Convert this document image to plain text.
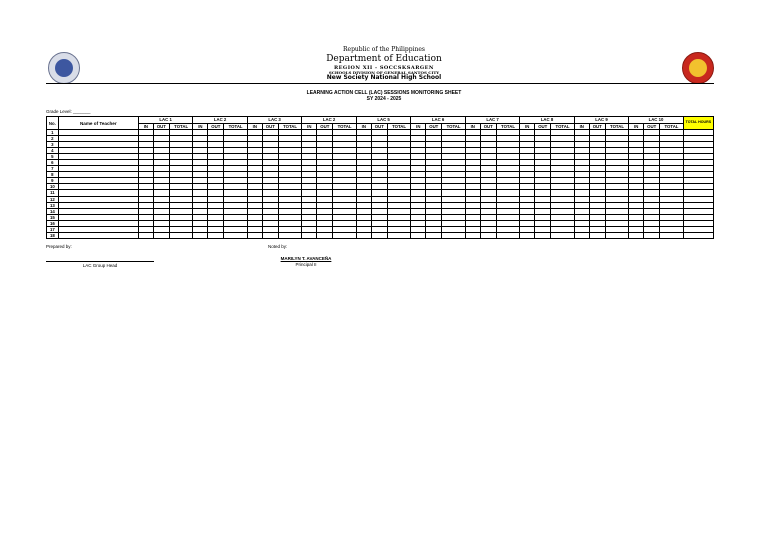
Republic of the Philippines
Department of Education
REGION XII - SOCCSKSARGEN
SCHOOLS DIVISION OF GENERAL SANTOS CITY
New Society National High School
LEARNING ACTION CELL (LAC) SESSIONS MONITORING SHEET
SY 2024 - 2025
Grade Level: _______
No.	Name of Teacher	LAC 1			LAC 2			LAC 3			LAC 2			LAC 5			LAC 6			LAC 7			LAC 8			LAC 9			LAC 10			TOTAL HOURS
		IN	OUT	TOTAL	IN	OUT	TOTAL	IN	OUT	TOTAL	IN	OUT	TOTAL	IN	OUT	TOTAL	IN	OUT	TOTAL	IN	OUT	TOTAL	IN	OUT	TOTAL	IN	OUT	TOTAL	IN	OUT	TOTAL	
1																																
2																																
3																																
4																																
5																																
6																																
7																																
8																																
9																																
10																																
11																																
12																																
13																																
14																																
15																																
16																																
17																																
18																																
Prepared by:	Noted by:
LAC Group Head
MARILYN T. AVANCEÑA
Principal II
